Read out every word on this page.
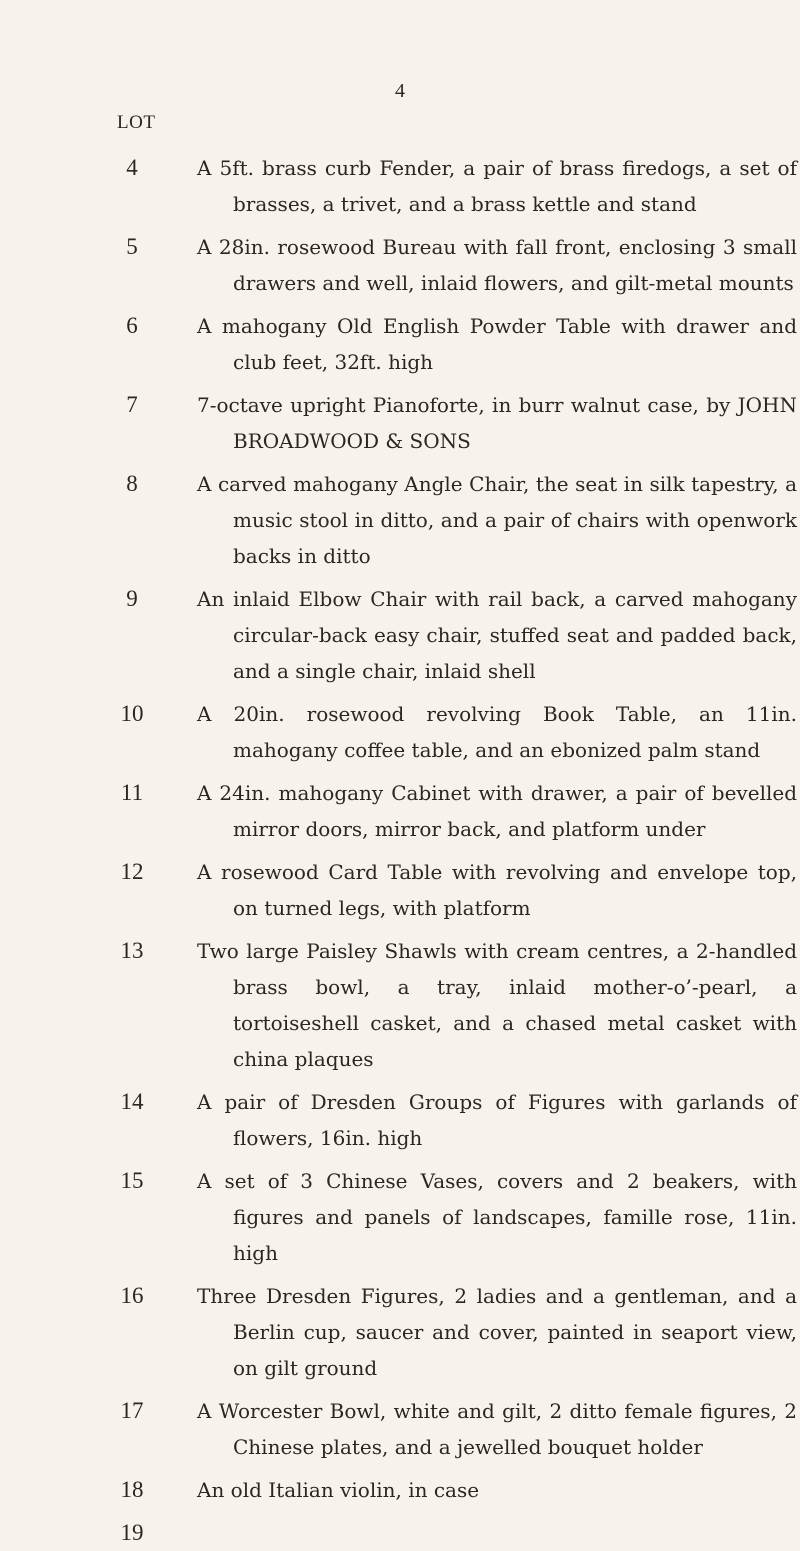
4
LOT
4	A 5ft. brass curb Fender, a pair of brass firedogs, a set of brasses, a trivet, and a brass kettle and stand
5	A 28in. rosewood Bureau with fall front, enclosing 3 small drawers and well, inlaid flowers, and gilt-metal mounts
6	A mahogany Old English Powder Table with drawer and club feet, 32ft. high
7	7-octave upright Pianoforte, in burr walnut case, by JOHN BROADWOOD & SONS
8	A carved mahogany Angle Chair, the seat in silk tapestry, a music stool in ditto, and a pair of chairs with openwork backs in ditto
9	An inlaid Elbow Chair with rail back, a carved mahogany circular-back easy chair, stuffed seat and padded back, and a single chair, inlaid shell
10	A 20in. rosewood revolving Book Table, an 11in. mahogany coffee table, and an ebonized palm stand
11	A 24in. mahogany Cabinet with drawer, a pair of bevelled mirror doors, mirror back, and platform under
12	A rosewood Card Table with revolving and envelope top, on turned legs, with platform
13	Two large Paisley Shawls with cream centres, a 2-handled brass bowl, a tray, inlaid mother-o’-pearl, a tortoiseshell casket, and a chased metal casket with china plaques
14	A pair of Dresden Groups of Figures with garlands of flowers, 16in. high
15	A set of 3 Chinese Vases, covers and 2 beakers, with figures and panels of landscapes, famille rose, 11in. high
16	Three Dresden Figures, 2 ladies and a gentleman, and a Berlin cup, saucer and cover, painted in seaport view, on gilt ground
17	A Worcester Bowl, white and gilt, 2 ditto female figures, 2 Chinese plates, and a jewelled bouquet holder
18	An old Italian violin, in case
19
